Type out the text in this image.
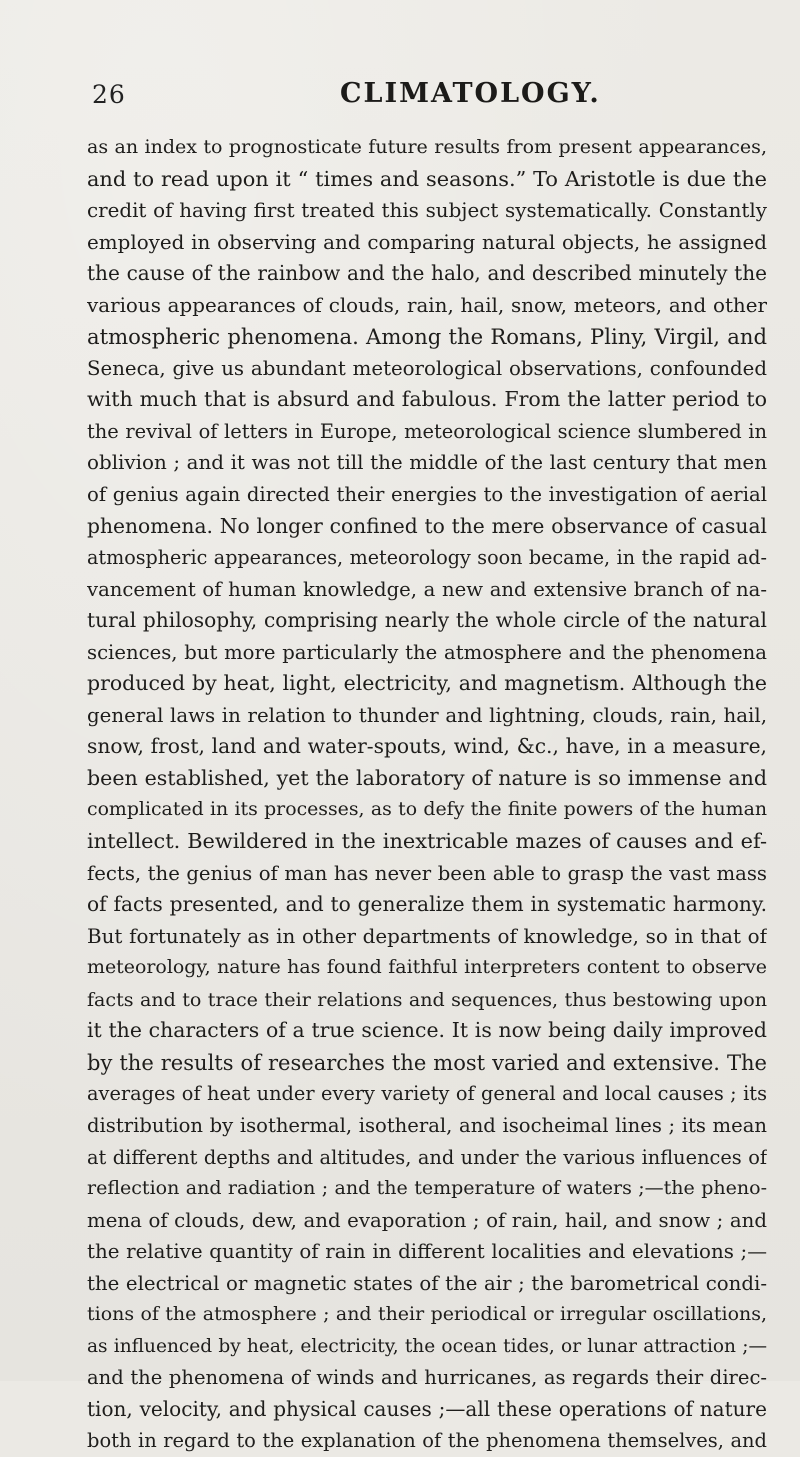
26	CLIMATOLOGY.
as an index to prognosticate future results from present appearances,
and to read upon it “ times and seasons.” To Aristotle is due the
credit of having first treated this subject systematically. Constantly
employed in observing and comparing natural objects, he assigned
the cause of the rainbow and the halo, and described minutely the
various appearances of clouds, rain, hail, snow, meteors, and other
atmospheric phenomena. Among the Romans, Pliny, Virgil, and
Seneca, give us abundant meteorological observations, confounded
with much that is absurd and fabulous. From the latter period to
the revival of letters in Europe, meteorological science slumbered in
oblivion ; and it was not till the middle of the last century that men
of genius again directed their energies to the investigation of aerial
phenomena. No longer confined to the mere observance of casual
atmospheric appearances, meteorology soon became, in the rapid ad-
vancement of human knowledge, a new and extensive branch of na-
tural philosophy, comprising nearly the whole circle of the natural
sciences, but more particularly the atmosphere and the phenomena
produced by heat, light, electricity, and magnetism. Although the
general laws in relation to thunder and lightning, clouds, rain, hail,
snow, frost, land and water-spouts, wind, &c., have, in a measure,
been established, yet the laboratory of nature is so immense and
complicated in its processes, as to defy the finite powers of the human
intellect. Bewildered in the inextricable mazes of causes and ef-
fects, the genius of man has never been able to grasp the vast mass
of facts presented, and to generalize them in systematic harmony.
But fortunately as in other departments of knowledge, so in that of
meteorology, nature has found faithful interpreters content to observe
facts and to trace their relations and sequences, thus bestowing upon
it the characters of a true science. It is now being daily improved
by the results of researches the most varied and extensive. The
averages of heat under every variety of general and local causes ; its
distribution by isothermal, isotheral, and isocheimal lines ; its mean
at different depths and altitudes, and under the various influences of
reflection and radiation ; and the temperature of waters ;—the pheno-
mena of clouds, dew, and evaporation ; of rain, hail, and snow ; and
the relative quantity of rain in different localities and elevations ;—
the electrical or magnetic states of the air ; the barometrical condi-
tions of the atmosphere ; and their periodical or irregular oscillations,
as influenced by heat, electricity, the ocean tides, or lunar attraction ;—
and the phenomena of winds and hurricanes, as regards their direc-
tion, velocity, and physical causes ;—all these operations of nature
both in regard to the explanation of the phenomena themselves, and
